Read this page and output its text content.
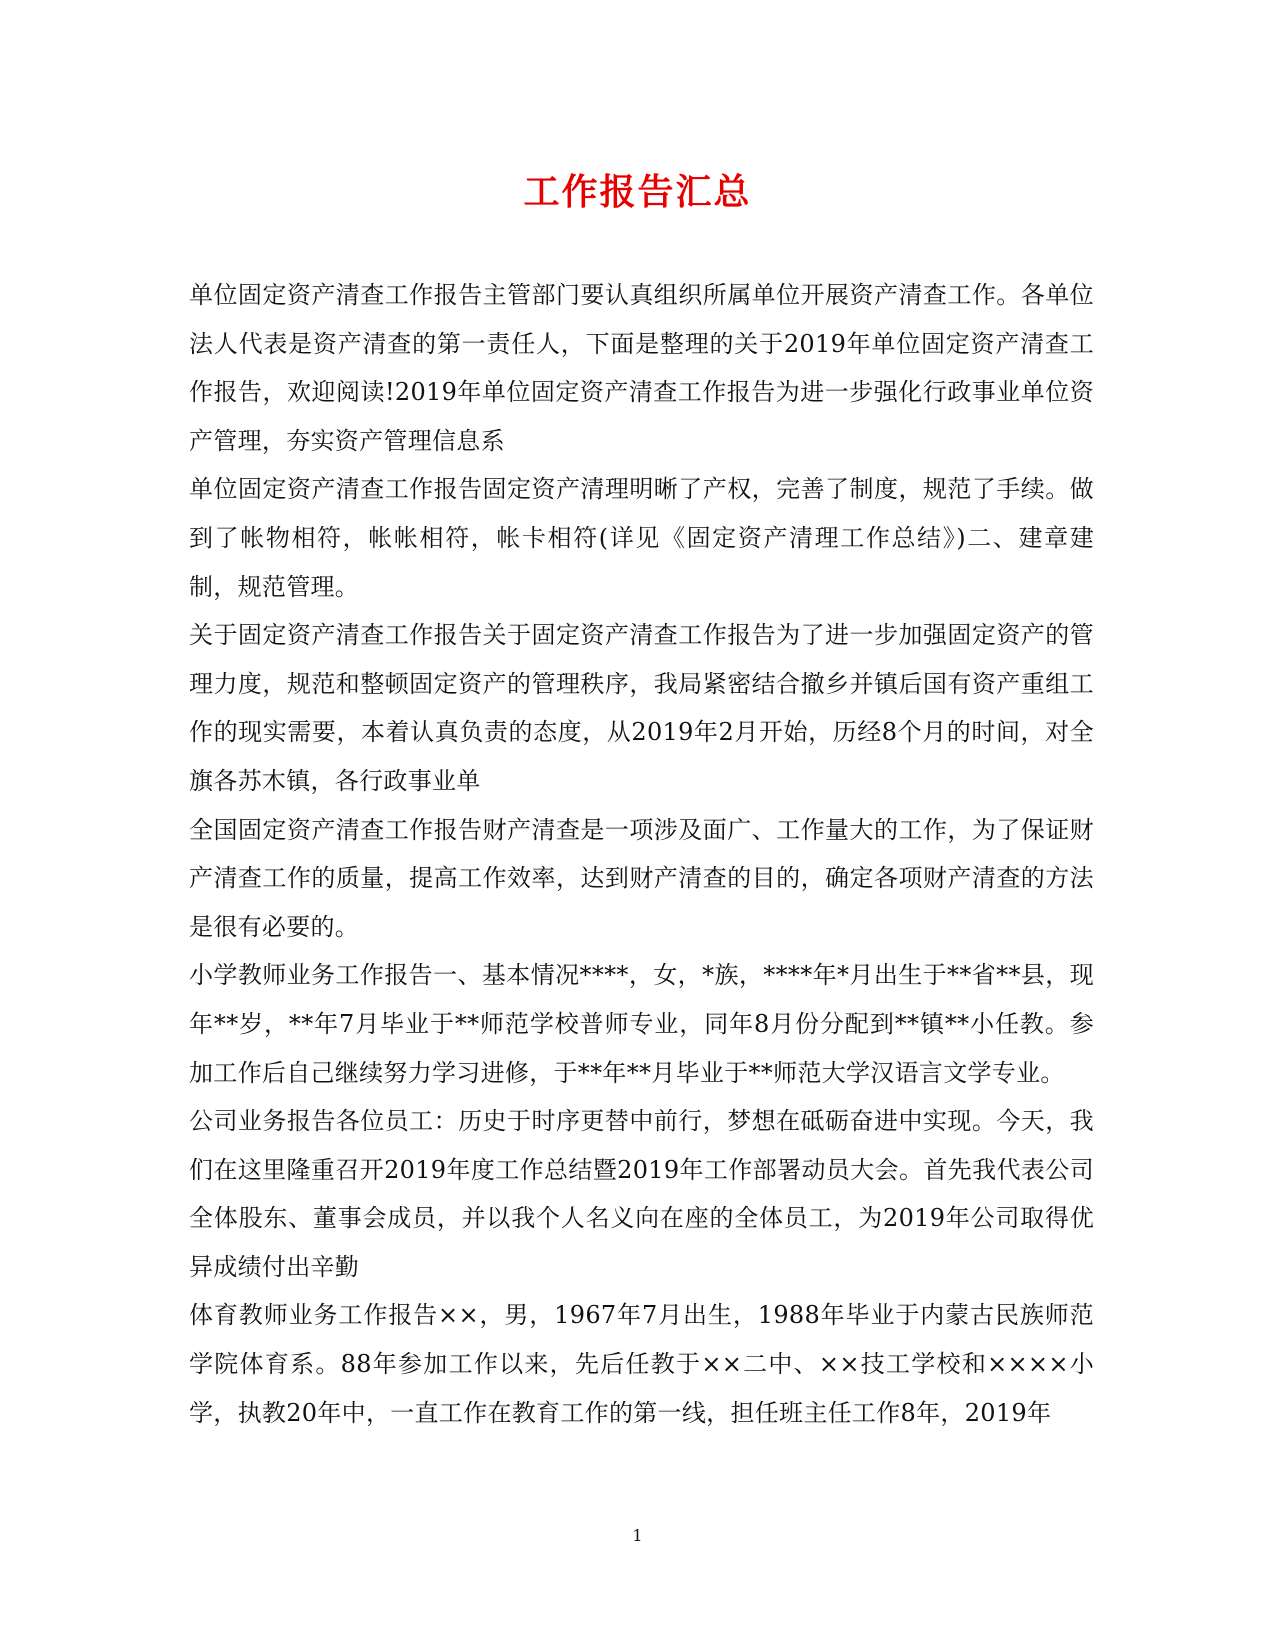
工作报告汇总

单位固定资产清查工作报告主管部门要认真组织所属单位开展资产清查工作。各单位法人代表是资产清查的第一责任人，下面是整理的关于2019年单位固定资产清查工作报告，欢迎阅读!2019年单位固定资产清查工作报告为进一步强化行政事业单位资产管理，夯实资产管理信息系

单位固定资产清查工作报告固定资产清理明晰了产权，完善了制度，规范了手续。做到了帐物相符，帐帐相符，帐卡相符(详见《固定资产清理工作总结》)二、建章建制，规范管理。

关于固定资产清查工作报告关于固定资产清查工作报告为了进一步加强固定资产的管理力度，规范和整顿固定资产的管理秩序，我局紧密结合撤乡并镇后国有资产重组工作的现实需要，本着认真负责的态度，从2019年2月开始，历经8个月的时间，对全旗各苏木镇，各行政事业单

全国固定资产清查工作报告财产清查是一项涉及面广、工作量大的工作，为了保证财产清查工作的质量，提高工作效率，达到财产清查的目的，确定各项财产清查的方法是很有必要的。

小学教师业务工作报告一、基本情况****，女，*族，****年*月出生于**省**县，现年**岁，**年7月毕业于**师范学校普师专业，同年8月份分配到**镇**小任教。参加工作后自己继续努力学习进修，于**年**月毕业于**师范大学汉语言文学专业。

公司业务报告各位员工：历史于时序更替中前行，梦想在砥砺奋进中实现。今天，我们在这里隆重召开2019年度工作总结暨2019年工作部署动员大会。首先我代表公司全体股东、董事会成员，并以我个人名义向在座的全体员工，为2019年公司取得优异成绩付出辛勤

体育教师业务工作报告××，男，1967年7月出生，1988年毕业于内蒙古民族师范学院体育系。88年参加工作以来，先后任教于××二中、××技工学校和××××小学，执教20年中，一直工作在教育工作的第一线，担任班主任工作8年，2019年

1
